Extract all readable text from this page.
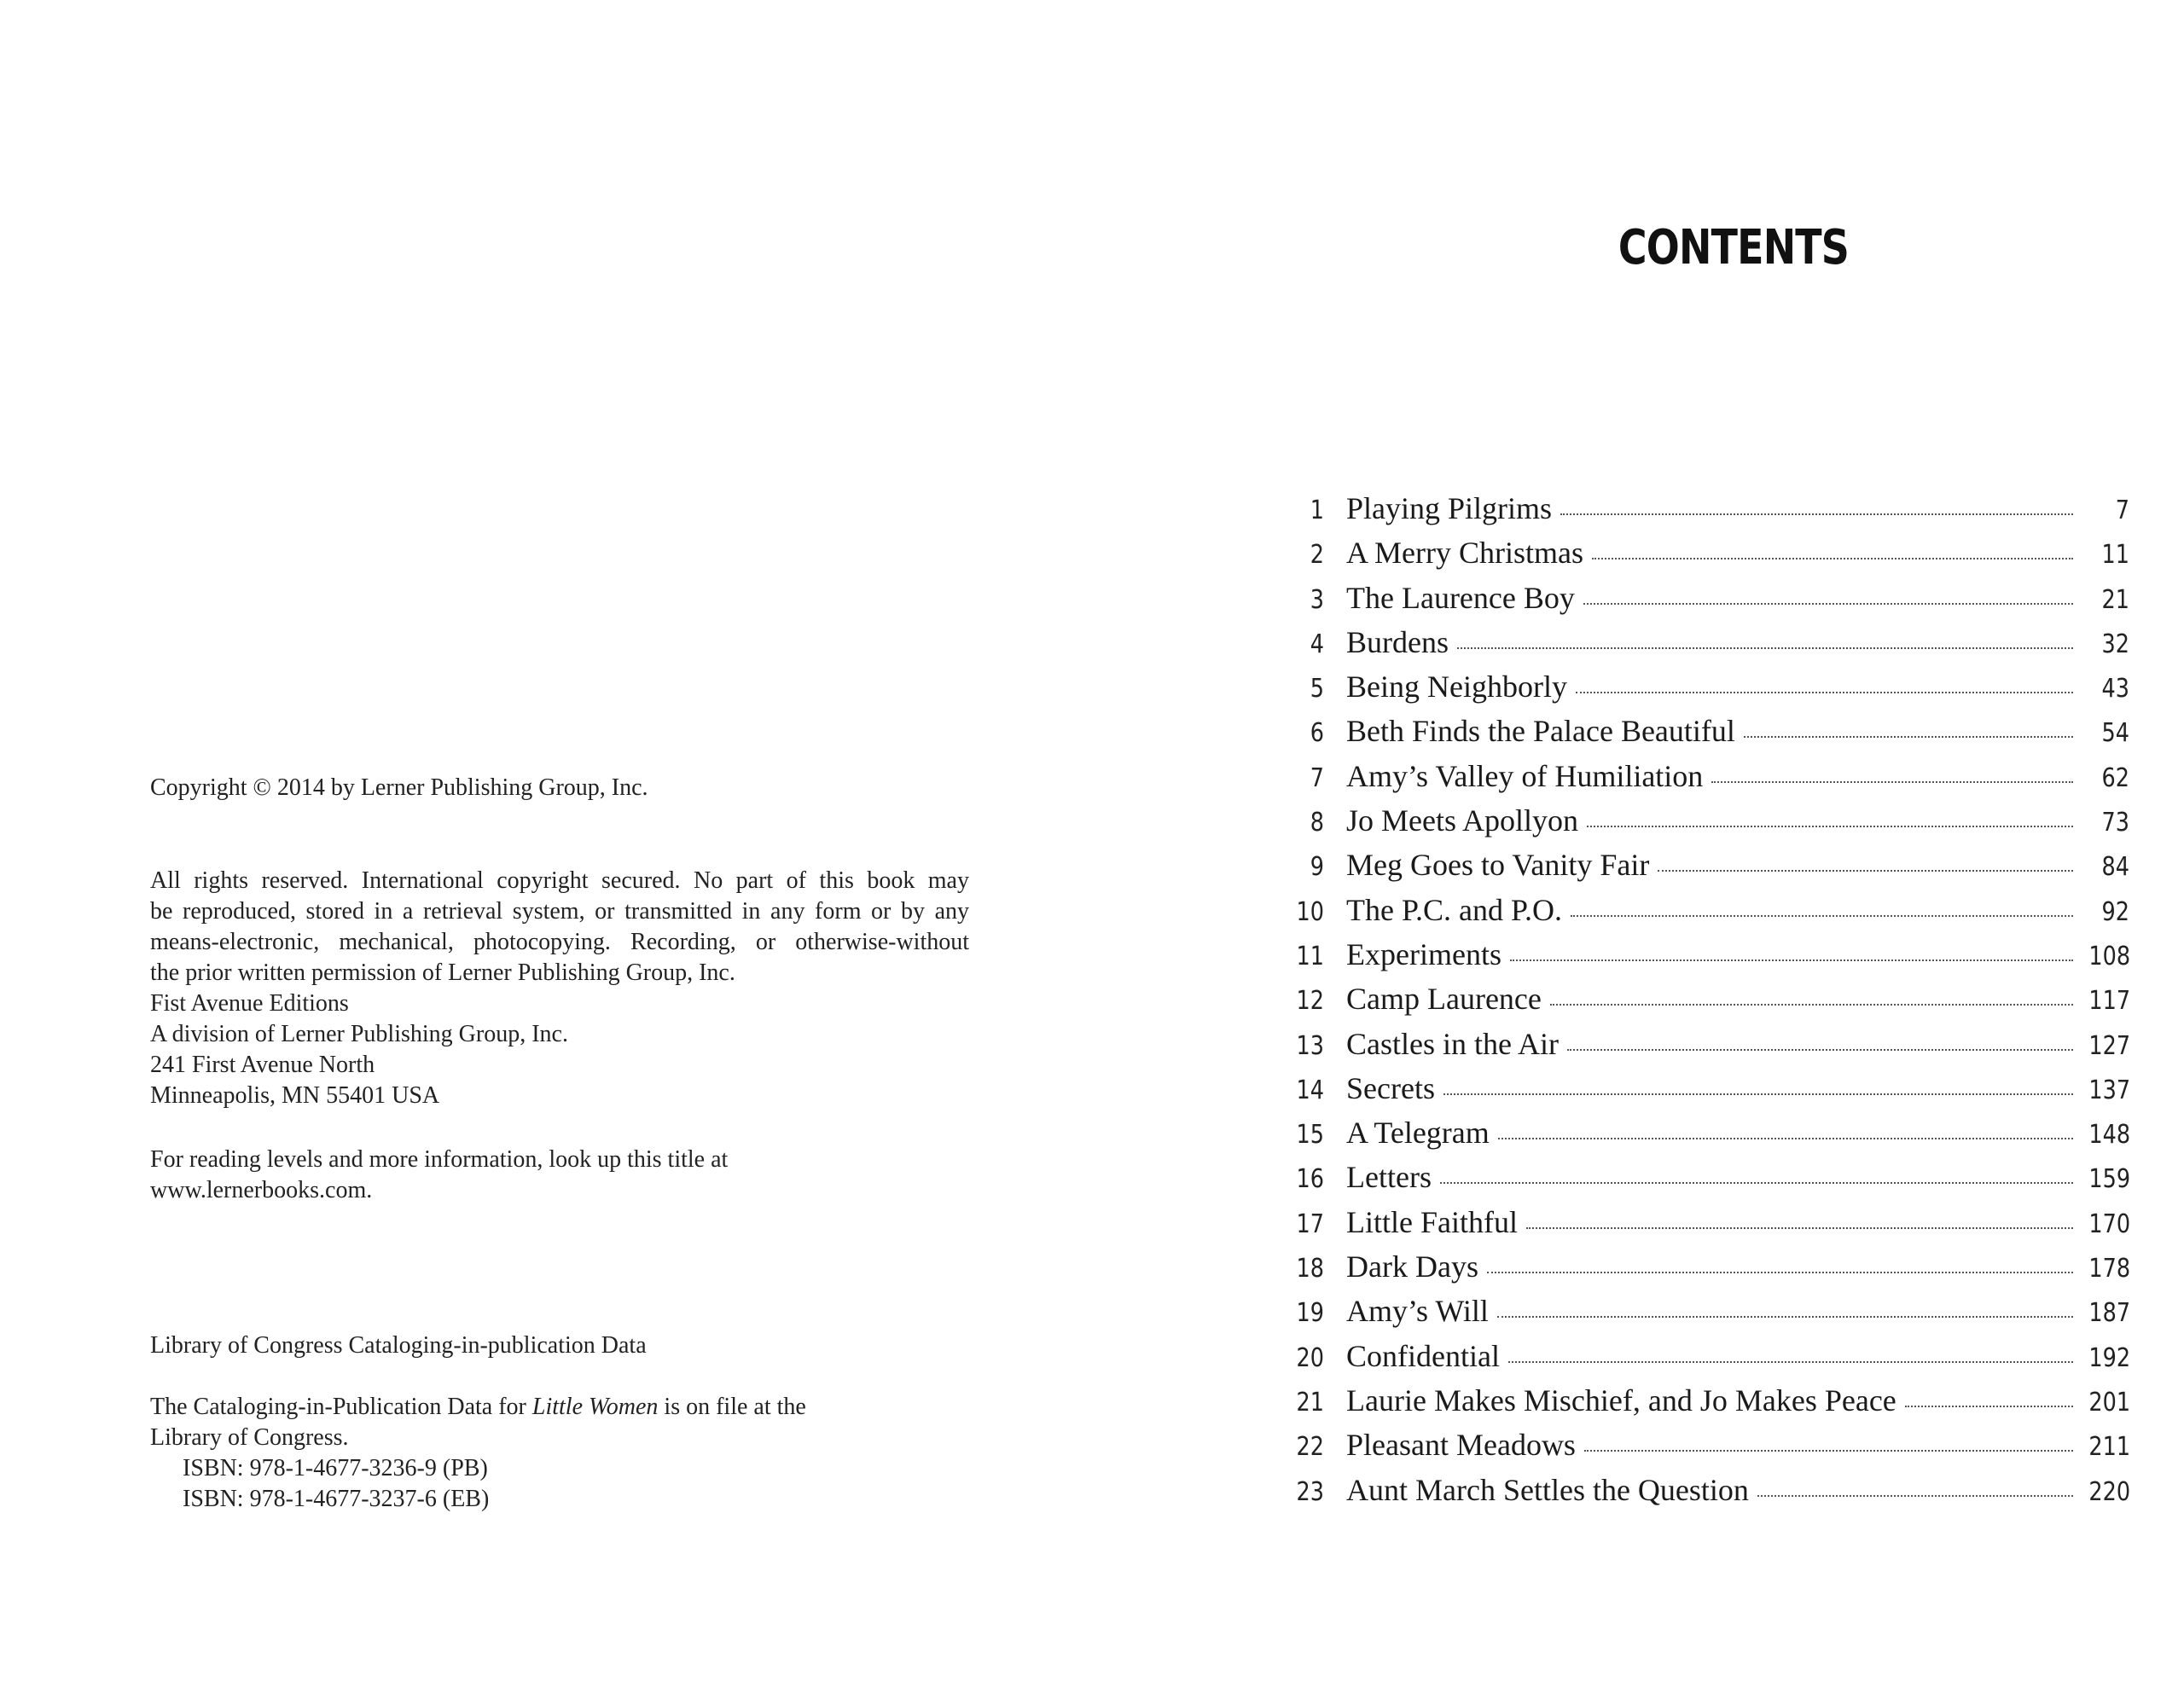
Copyright © 2014 by Lerner Publishing Group, Inc.
All rights reserved. International copyright secured. No part of this book may
be reproduced, stored in a retrieval system, or transmitted in any form or by any
means-electronic, mechanical, photocopying. Recording, or otherwise-without
the prior written permission of Lerner Publishing Group, Inc.
Fist Avenue Editions
A division of Lerner Publishing Group, Inc.
241 First Avenue North
Minneapolis, MN 55401 USA
For reading levels and more information, look up this title at
www.lernerbooks.com.
Library of Congress Cataloging-in-publication Data
The Cataloging-in-Publication Data for Little Women is on file at the
Library of Congress.
ISBN: 978-1-4677-3236-9 (PB)
ISBN: 978-1-4677-3237-6 (EB)
CONTENTS
1 Playing Pilgrims	7
2 A Merry Christmas	11
3 The Laurence Boy	21
4 Burdens	32
5 Being Neighborly	43
6 Beth Finds the Palace Beautiful	54
7 Amy’s Valley of Humiliation	62
8 Jo Meets Apollyon	73
9 Meg Goes to Vanity Fair	84
10 The P.C. and P.O.	92
11 Experiments	108
12 Camp Laurence	117
13 Castles in the Air	127
14 Secrets	137
15 A Telegram	148
16 Letters	159
17 Little Faithful	170
18 Dark Days	178
19 Amy’s Will	187
20 Confidential	192
21 Laurie Makes Mischief, and Jo Makes Peace	201
22 Pleasant Meadows	211
23 Aunt March Settles the Question	220
